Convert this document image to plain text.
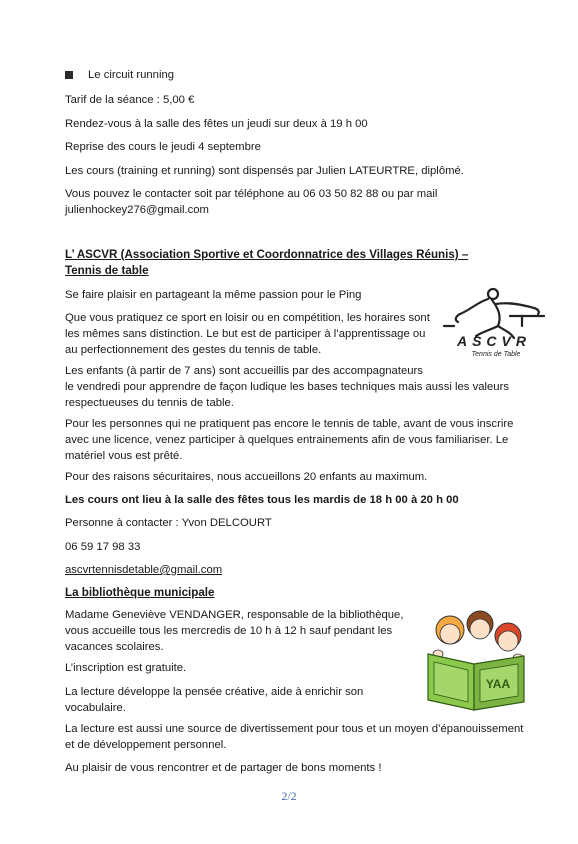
Le circuit running

Tarif de la séance : 5,00 €

Rendez-vous à la salle des fêtes un jeudi sur deux à 19 h 00

Reprise des cours le jeudi 4 septembre

Les cours (training et running) sont dispensés par Julien LATEURTRE, diplômé.

Vous pouvez le contacter soit par téléphone au 06 03 50 82 88 ou par mail
julienhockey276@gmail.com

L’ ASCVR (Association Sportive et Coordonnatrice des Villages Réunis) –
Tennis de table

Se faire plaisir en partageant la même passion pour le Ping

Que vous pratiquez ce sport en loisir ou en compétition, les horaires sont
les mêmes sans distinction. Le but est de participer à l’apprentissage ou
au perfectionnement des gestes du tennis de table.

Les enfants (à partir de 7 ans) sont accueillis par des accompagnateurs
le vendredi pour apprendre de façon ludique les bases techniques mais aussi les valeurs
respectueuses du tennis de table.

Pour les personnes qui ne pratiquent pas encore le tennis de table, avant de vous inscrire
avec une licence, venez participer à quelques entrainements afin de vous familiariser. Le
matériel vous est prêté.

Pour des raisons sécuritaires, nous accueillons 20 enfants au maximum.

Les cours ont lieu à la salle des fêtes tous les mardis de 18 h 00 à 20 h 00

Personne à contacter : Yvon DELCOURT

06 59 17 98 33

ascvrtennisdetable@gmail.com

ASCVR
Tennis de Table

La bibliothèque municipale

Madame Geneviève VENDANGER, responsable de la bibliothèque,
vous accueille tous les mercredis de 10 h à 12 h sauf pendant les
vacances scolaires.

L’inscription est gratuite.

La lecture développe la pensée créative, aide à enrichir son
vocabulaire.

La lecture est aussi une source de divertissement pour tous et un moyen d’épanouissement
et de développement personnel.

Au plaisir de vous rencontrer et de partager de bons moments !

YAA
2/2
